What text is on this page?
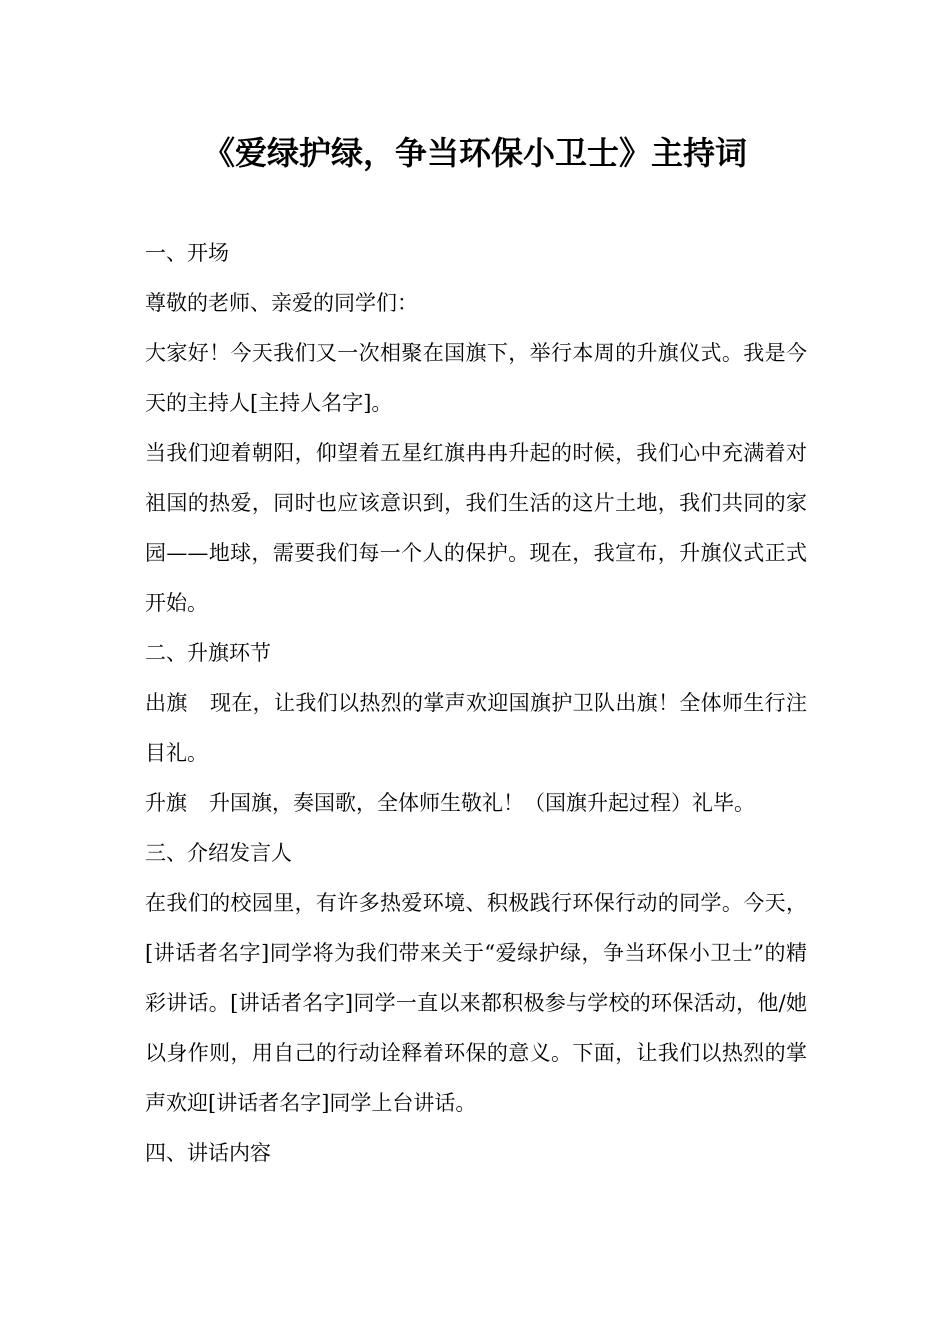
《爱绿护绿，争当环保小卫士》主持词

一、开场

尊敬的老师、亲爱的同学们：

大家好！今天我们又一次相聚在国旗下，举行本周的升旗仪式。我是今天的主持人[主持人名字]。

当我们迎着朝阳，仰望着五星红旗冉冉升起的时候，我们心中充满着对祖国的热爱，同时也应该意识到，我们生活的这片土地，我们共同的家园——地球，需要我们每一个人的保护。现在，我宣布，升旗仪式正式开始。

二、升旗环节

出旗 现在，让我们以热烈的掌声欢迎国旗护卫队出旗！全体师生行注目礼。

升旗 升国旗，奏国歌，全体师生敬礼！（国旗升起过程）礼毕。

三、介绍发言人

在我们的校园里，有许多热爱环境、积极践行环保行动的同学。今天，[讲话者名字]同学将为我们带来关于“爱绿护绿，争当环保小卫士”的精彩讲话。[讲话者名字]同学一直以来都积极参与学校的环保活动，他/她以身作则，用自己的行动诠释着环保的意义。下面，让我们以热烈的掌声欢迎[讲话者名字]同学上台讲话。

四、讲话内容
